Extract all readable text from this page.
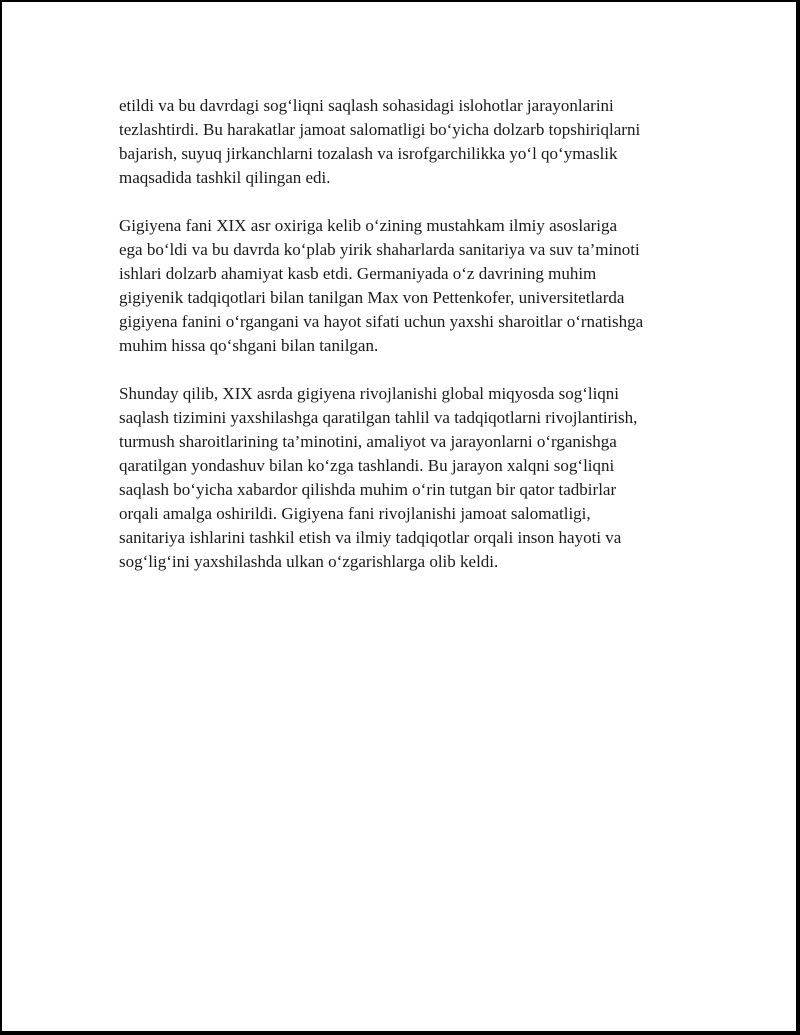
etildi va bu davrdagi sog‘liqni saqlash sohasidagi islohotlar jarayonlarini
tezlashtirdi. Bu harakatlar jamoat salomatligi bo‘yicha dolzarb topshiriqlarni
bajarish, suyuq jirkanchlarni tozalash va isrofgarchilikka yo‘l qo‘ymaslik
maqsadida tashkil qilingan edi.

Gigiyena fani XIX asr oxiriga kelib o‘zining mustahkam ilmiy asoslariga
ega bo‘ldi va bu davrda ko‘plab yirik shaharlarda sanitariya va suv ta’minoti
ishlari dolzarb ahamiyat kasb etdi. Germaniyada o‘z davrining muhim
gigiyenik tadqiqotlari bilan tanilgan Max von Pettenkofer, universitetlarda
gigiyena fanini o‘rgangani va hayot sifati uchun yaxshi sharoitlar o‘rnatishga
muhim hissa qo‘shgani bilan tanilgan.

Shunday qilib, XIX asrda gigiyena rivojlanishi global miqyosda sog‘liqni
saqlash tizimini yaxshilashga qaratilgan tahlil va tadqiqotlarni rivojlantirish,
turmush sharoitlarining ta’minotini, amaliyot va jarayonlarni o‘rganishga
qaratilgan yondashuv bilan ko‘zga tashlandi. Bu jarayon xalqni sog‘liqni
saqlash bo‘yicha xabardor qilishda muhim o‘rin tutgan bir qator tadbirlar
orqali amalga oshirildi. Gigiyena fani rivojlanishi jamoat salomatligi,
sanitariya ishlarini tashkil etish va ilmiy tadqiqotlar orqali inson hayoti va
sog‘lig‘ini yaxshilashda ulkan o‘zgarishlarga olib keldi.
